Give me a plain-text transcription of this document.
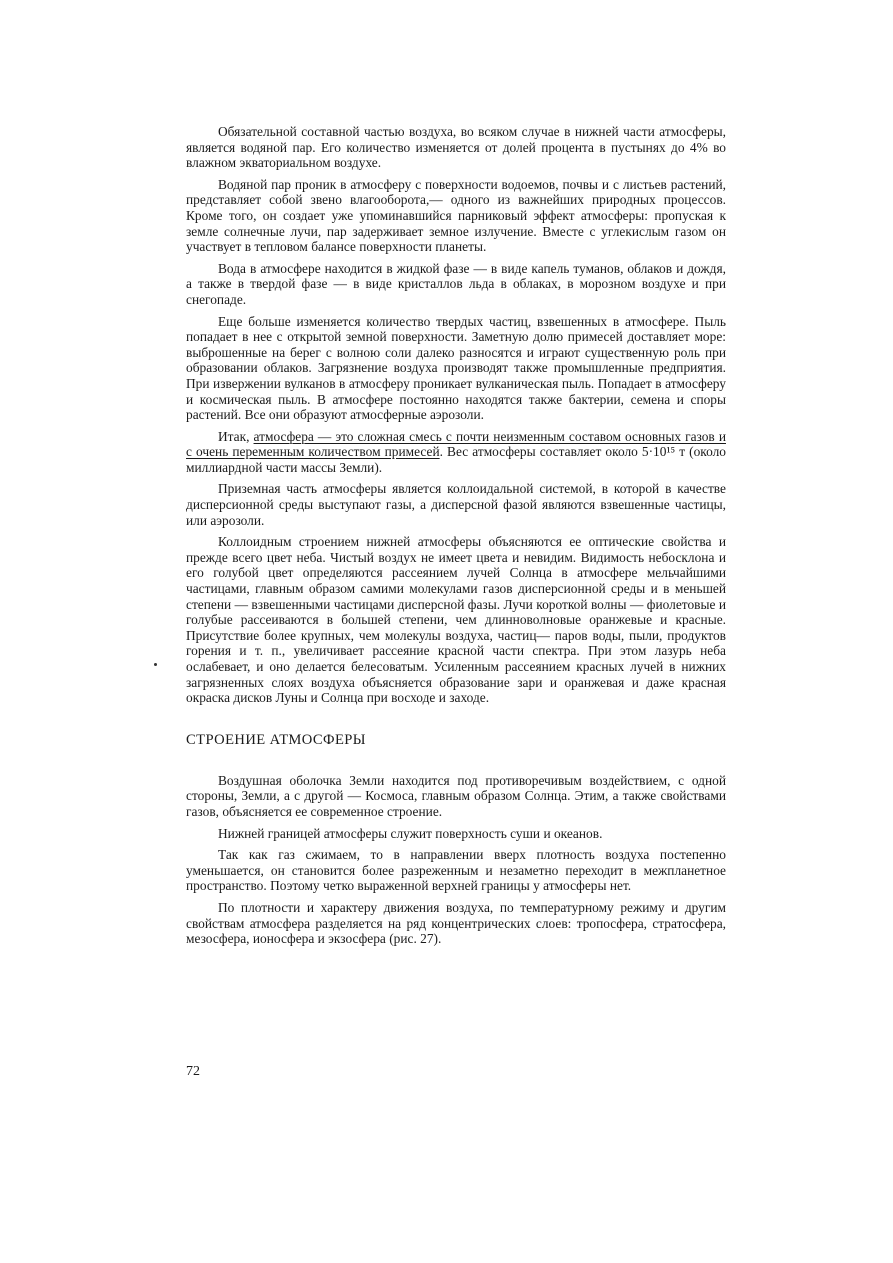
Обязательной составной частью воздуха, во всяком случае в нижней части атмосферы, является водяной пар. Его количество изменяется от долей процента в пустынях до 4% во влажном экваториальном воздухе.

Водяной пар проник в атмосферу с поверхности водоемов, почвы и с листьев растений, представляет собой звено влагооборота,— одного из важнейших природных процессов. Кроме того, он создает уже упоминавшийся парниковый эффект атмосферы: пропуская к земле солнечные лучи, пар задерживает земное излучение. Вместе с углекислым газом он участвует в тепловом балансе поверхности планеты.

Вода в атмосфере находится в жидкой фазе — в виде капель туманов, облаков и дождя, а также в твердой фазе — в виде кристаллов льда в облаках, в морозном воздухе и при снегопаде.

Еще больше изменяется количество твердых частиц, взвешенных в атмосфере. Пыль попадает в нее с открытой земной поверхности. Заметную долю примесей доставляет море: выброшенные на берег с волною соли далеко разносятся и играют существенную роль при образовании облаков. Загрязнение воздуха производят также промышленные предприятия. При извержении вулканов в атмосферу проникает вулканическая пыль. Попадает в атмосферу и космическая пыль. В атмосфере постоянно находятся также бактерии, семена и споры растений. Все они образуют атмосферные аэрозоли.

Итак, атмосфера — это сложная смесь с почти неизменным составом основных газов и с очень переменным количеством примесей. Вес атмосферы составляет около 5·10¹⁵ т (около миллиардной части массы Земли).

Приземная часть атмосферы является коллоидальной системой, в которой в качестве дисперсионной среды выступают газы, а дисперсной фазой являются взвешенные частицы, или аэрозоли.

Коллоидным строением нижней атмосферы объясняются ее оптические свойства и прежде всего цвет неба. Чистый воздух не имеет цвета и невидим. Видимость небосклона и его голубой цвет определяются рассеянием лучей Солнца в атмосфере мельчайшими частицами, главным образом самими молекулами газов дисперсионной среды и в меньшей степени — взвешенными частицами дисперсной фазы. Лучи короткой волны — фиолетовые и голубые рассеиваются в большей степени, чем длинноволновые оранжевые и красные. Присутствие более крупных, чем молекулы воздуха, частиц— паров воды, пыли, продуктов горения и т. п., увеличивает рассеяние красной части спектра. При этом лазурь неба ослабевает, и оно делается белесоватым. Усиленным рассеянием красных лучей в нижних загрязненных слоях воздуха объясняется образование зари и оранжевая и даже красная окраска дисков Луны и Солнца при восходе и заходе.

СТРОЕНИЕ АТМОСФЕРЫ

Воздушная оболочка Земли находится под противоречивым воздействием, с одной стороны, Земли, а с другой — Космоса, главным образом Солнца. Этим, а также свойствами газов, объясняется ее современное строение.

Нижней границей атмосферы служит поверхность суши и океанов.

Так как газ сжимаем, то в направлении вверх плотность воздуха постепенно уменьшается, он становится более разреженным и незаметно переходит в межпланетное пространство. Поэтому четко выраженной верхней границы у атмосферы нет.

По плотности и характеру движения воздуха, по температурному режиму и другим свойствам атмосфера разделяется на ряд концентрических слоев: тропосфера, стратосфера, мезосфера, ионосфера и экзосфера (рис. 27).

72
